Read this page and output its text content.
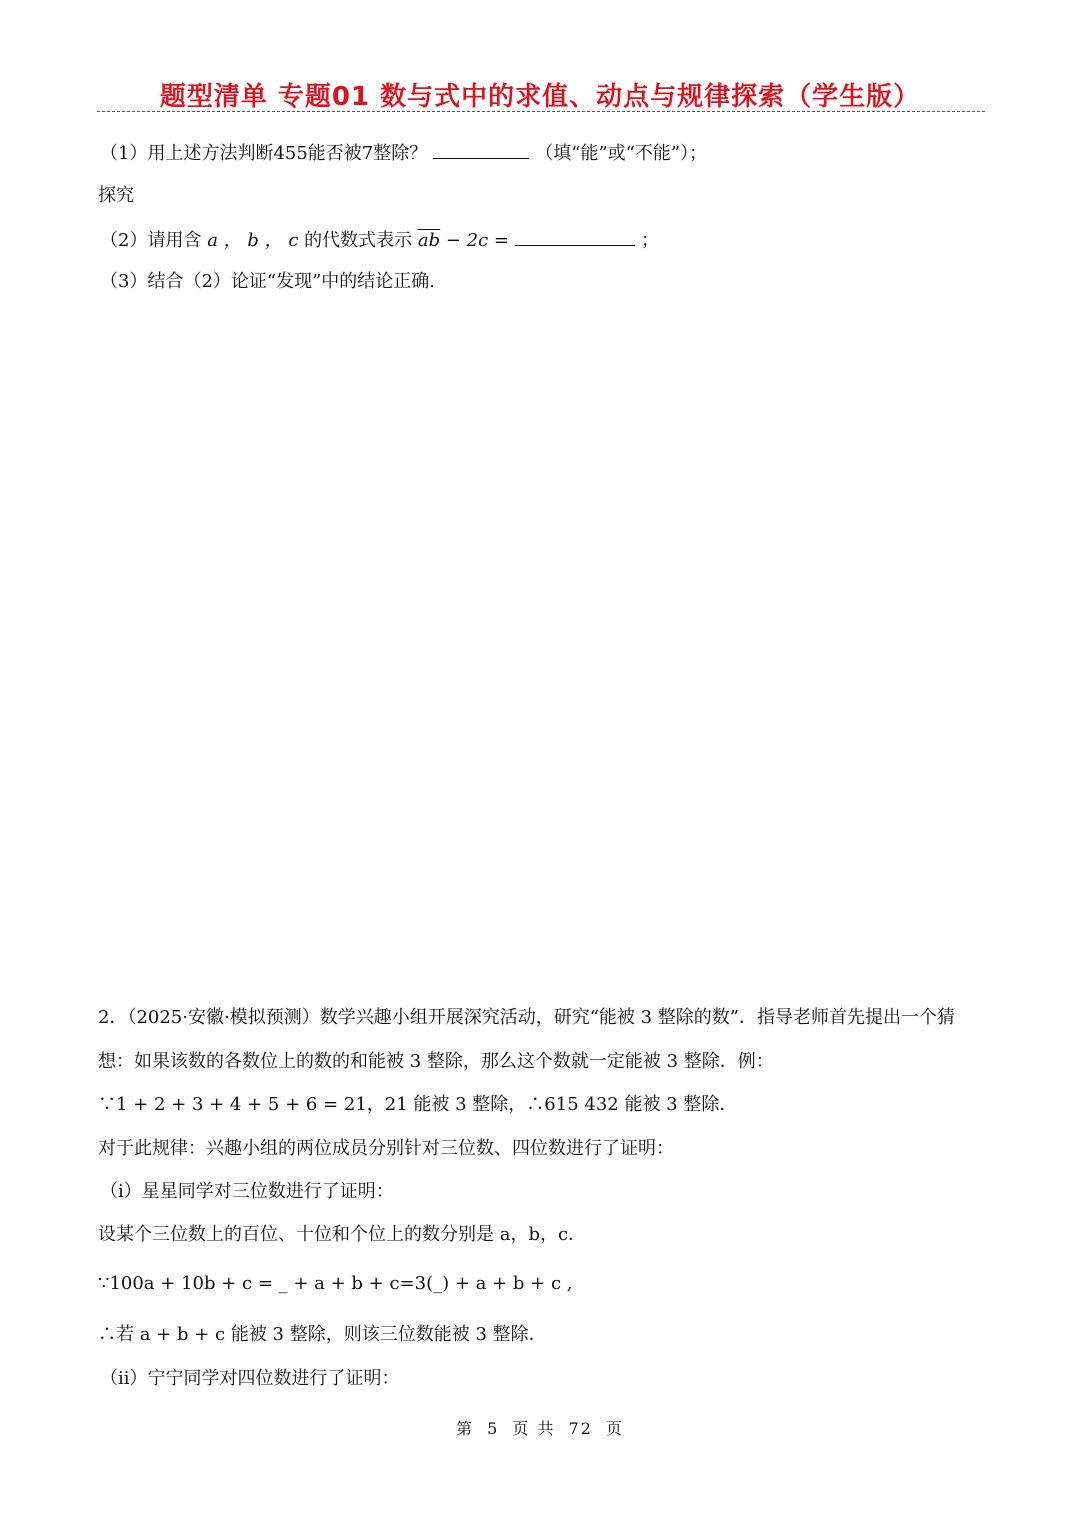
题型清单 专题01 数与式中的求值、动点与规律探索（学生版）
（1）用上述方法判断455能否被7整除？	（填“能”或“不能”）；
探究
（2）请用含 a ， b ， c 的代数式表示 $\overline{ab} - 2c$ =	；
（3）结合（2）论证“发现”中的结论正确.
2．（2025·安徽·模拟预测）数学兴趣小组开展深究活动，研究“能被 3 整除的数”．指导老师首先提出一个猜
想：如果该数的各数位上的数的和能被 3 整除，那么这个数就一定能被 3 整除．例：
∵1 + 2 + 3 + 4 + 5 + 6 = 21，21 能被 3 整除，∴615 432 能被 3 整除．
对于此规律：兴趣小组的两位成员分别针对三位数、四位数进行了证明：
（i）星星同学对三位数进行了证明：
设某个三位数上的百位、十位和个位上的数分别是 a，b，c．
∵100a + 10b + c = _ + a + b + c=3(_) + a + b + c ,
∴若 a + b + c 能被 3 整除，则该三位数能被 3 整除．
（ii）宁宁同学对四位数进行了证明：
第 5 页 共 72 页
